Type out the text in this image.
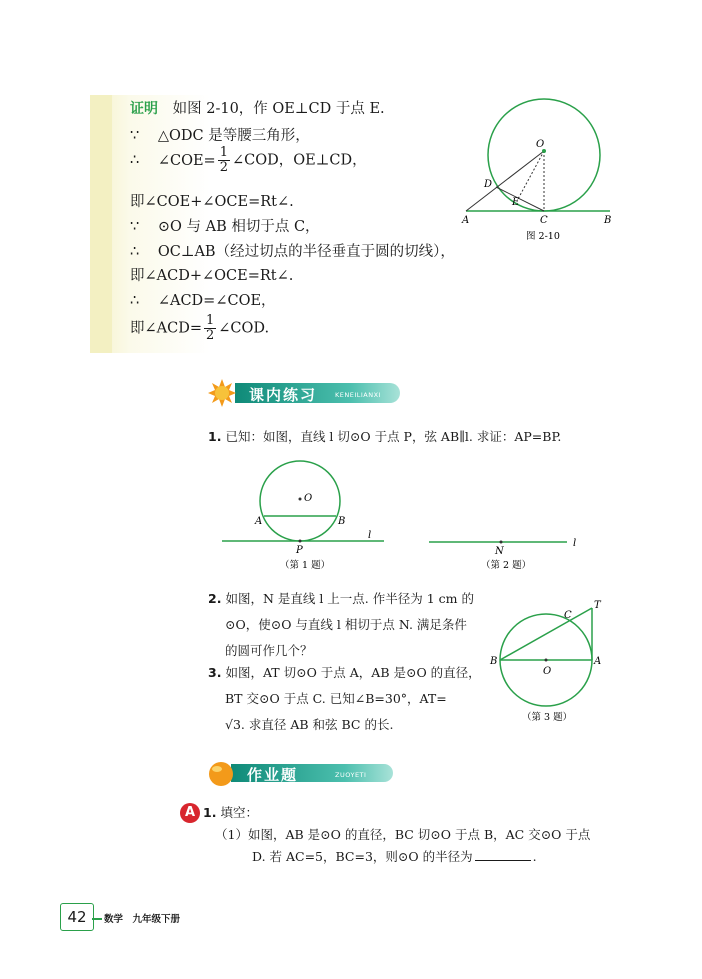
证明 如图 2-10，作 OE⊥CD 于点 E.
∵ △ODC 是等腰三角形，
∴ ∠COE= $\frac{1}{2}$ ∠COD，OE⊥CD，
即∠COE+∠OCE=Rt∠.
∵ ⊙O 与 AB 相切于点 C，
∴ OC⊥AB（经过切点的半径垂直于圆的切线），
即∠ACD+∠OCE=Rt∠.
∴ ∠ACD=∠COE，
即∠ACD= $\frac{1}{2}$ ∠COD.
O
D
E
A	C	B
图 2-10
课内练习	KENEILIANXI
1. 已知：如图，直线 l 切⊙O 于点 P，弦 AB∥l. 求证：AP=BP.
O
A	B
P
l
（第 1 题）
N
l
（第 2 题）
2. 如图，N 是直线 l 上一点. 作半径为 1 cm 的
⊙O，使⊙O 与直线 l 相切于点 N. 满足条件
的圆可作几个？
3. 如图，AT 切⊙O 于点 A，AB 是⊙O 的直径，
BT 交⊙O 于点 C. 已知∠B=30°，AT=
√3. 求直径 AB 和弦 BC 的长.
B	A
O
C
T
（第 3 题）
作业题	ZUOYETI
A 1. 填空：
（1）如图，AB 是⊙O 的直径，BC 切⊙O 于点 B，AC 交⊙O 于点
D. 若 AC=5，BC=3，则⊙O 的半径为	.
42	数学　九年级下册
